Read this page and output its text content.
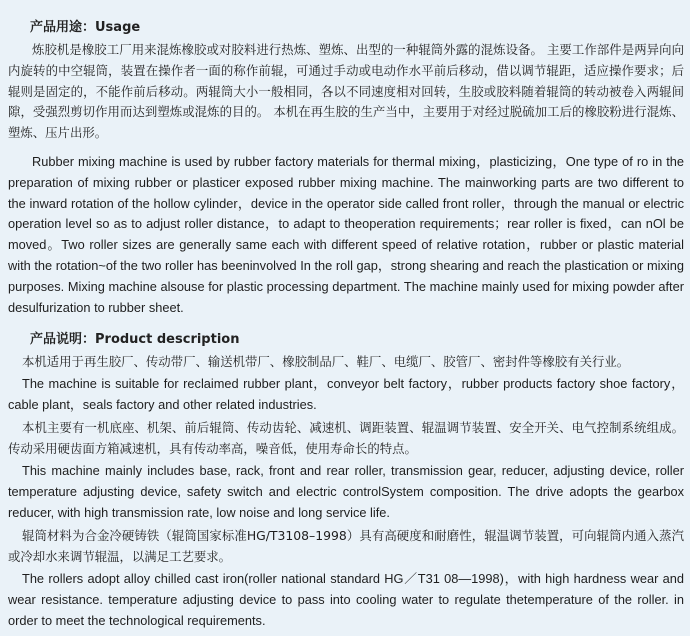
产品用途：Usage

炼胶机是橡胶工厂用来混炼橡胶或对胶料进行热炼、塑炼、出型的一种辊筒外露的混炼设备。 主要工作部件是两异向向内旋转的中空辊筒，装置在操作者一面的称作前辊，可通过手动或电动作水平前后移动，借以调节辊距，适应操作要求；后辊则是固定的，不能作前后移动。两辊筒大小一般相同，各以不同速度相对回转，生胶或胶料随着辊筒的转动被卷入两辊间隙，受强烈剪切作用而达到塑炼或混炼的目的。 本机在再生胶的生产当中，主要用于对经过脱硫加工后的橡胶粉进行混炼、塑炼、压片出形。

Rubber mixing machine is used by rubber factory materials for thermal mixing，plasticizing，One type of ro in the preparation of mixing rubber or plasticer exposed rubber mixing machine. The mainworking parts are two different to the inward rotation of the hollow cylinder，device in the operator side called front roller，through the manual or electric operation level so as to adjust roller distance，to adapt to theoperation requirements；rear roller is fixed，can nOl be moved。Two roller sizes are generally same each with different speed of relative rotation，rubber or plastic material with the rotation~of the two roller has beeninvolved In the roll gap，strong shearing and reach the plastication or mixing purposes. Mixing machine alsouse for plastic processing department. The machine mainly used for mixing powder after desulfurization to rubber sheet.

产品说明：Product description

本机适用于再生胶厂、传动带厂、输送机带厂、橡胶制品厂、鞋厂、电缆厂、胶管厂、密封件等橡胶有关行业。

The machine is suitable for reclaimed rubber plant，conveyor belt factory，rubber products factory shoe factory，cable plant，seals factory and other related industries.

本机主要有一机底座、机架、前后辊筒、传动齿轮、减速机、调距装置、辊温调节装置、安全开关、电气控制系统组成。传动采用硬齿面方箱减速机，具有传动率高，噪音低，使用寿命长的特点。

This machine mainly includes base, rack, front and rear roller, transmission gear, reducer, adjusting device, roller temperature adjusting device, safety switch and electric controlSystem composition. The drive adopts the gearbox reducer, with high transmission rate, low noise and long service life.

辊筒材料为合金冷硬铸铁（辊筒国家标准HG/T3108–1998）具有高硬度和耐磨性，辊温调节装置，可向辊筒内通入蒸汽或冷却水来调节辊温，以满足工艺要求。

The rollers adopt alloy chilled cast iron(roller national standard HG／T31 08—1998)，with high hardness wear and wear resistance. temperature adjusting device to pass into cooling water to regulate thetemperature of the roller. in order to meet the technological requirements.
